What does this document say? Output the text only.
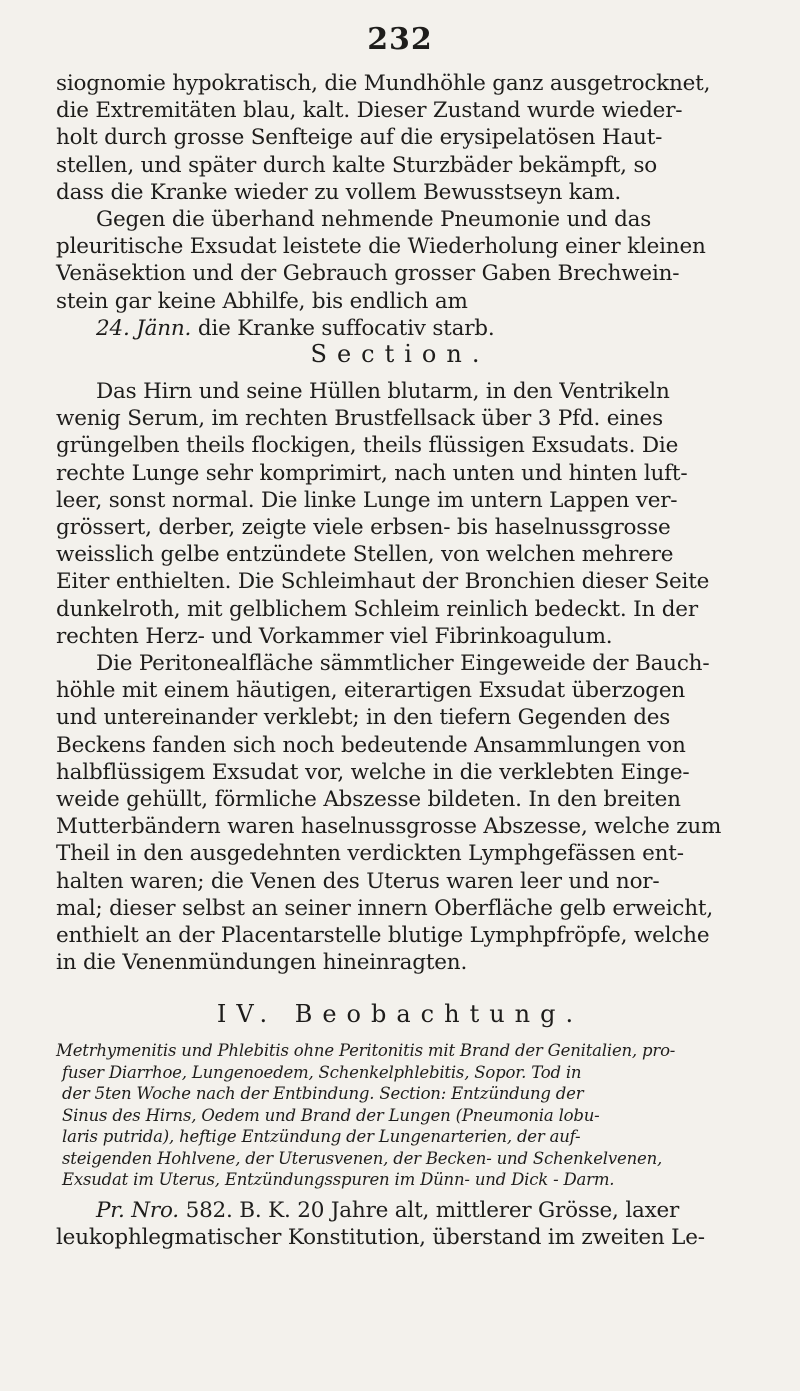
232
siognomie hypokratisch, die Mundhöhle ganz ausgetrocknet,
die Extremitäten blau, kalt. Dieser Zustand wurde wieder-
holt durch grosse Senfteige auf die erysipelatösen Haut-
stellen, und später durch kalte Sturzbäder bekämpft, so
dass die Kranke wieder zu vollem Bewusstseyn kam.
Gegen die überhand nehmende Pneumonie und das
pleuritische Exsudat leistete die Wiederholung einer kleinen
Venäsektion und der Gebrauch grosser Gaben Brechwein-
stein gar keine Abhilfe, bis endlich am
24. Jänn. die Kranke suffocativ starb.
Section.
Das Hirn und seine Hüllen blutarm, in den Ventrikeln
wenig Serum, im rechten Brustfellsack über 3 Pfd. eines
grüngelben theils flockigen, theils flüssigen Exsudats. Die
rechte Lunge sehr komprimirt, nach unten und hinten luft-
leer, sonst normal. Die linke Lunge im untern Lappen ver-
grössert, derber, zeigte viele erbsen- bis haselnussgrosse
weisslich gelbe entzündete Stellen, von welchen mehrere
Eiter enthielten. Die Schleimhaut der Bronchien dieser Seite
dunkelroth, mit gelblichem Schleim reinlich bedeckt. In der
rechten Herz- und Vorkammer viel Fibrinkoagulum.
Die Peritonealfläche sämmtlicher Eingeweide der Bauch-
höhle mit einem häutigen, eiterartigen Exsudat überzogen
und untereinander verklebt; in den tiefern Gegenden des
Beckens fanden sich noch bedeutende Ansammlungen von
halbflüssigem Exsudat vor, welche in die verklebten Einge-
weide gehüllt, förmliche Abszesse bildeten. In den breiten
Mutterbändern waren haselnussgrosse Abszesse, welche zum
Theil in den ausgedehnten verdickten Lymphgefässen ent-
halten waren; die Venen des Uterus waren leer und nor-
mal; dieser selbst an seiner innern Oberfläche gelb erweicht,
enthielt an der Placentarstelle blutige Lymphpfröpfe, welche
in die Venenmündungen hineinragten.
IV. Beobachtung.
Metrhymenitis und Phlebitis ohne Peritonitis mit Brand der Genitalien, pro-
fuser Diarrhoe, Lungenoedem, Schenkelphlebitis, Sopor. Tod in
der 5ten Woche nach der Entbindung. Section: Entzündung der
Sinus des Hirns, Oedem und Brand der Lungen (Pneumonia lobu-
laris putrida), heftige Entzündung der Lungenarterien, der auf-
steigenden Hohlvene, der Uterusvenen, der Becken- und Schenkelvenen,
Exsudat im Uterus, Entzündungsspuren im Dünn- und Dick - Darm.
Pr. Nro. 582. B. K. 20 Jahre alt, mittlerer Grösse, laxer
leukophlegmatischer Konstitution, überstand im zweiten Le-
